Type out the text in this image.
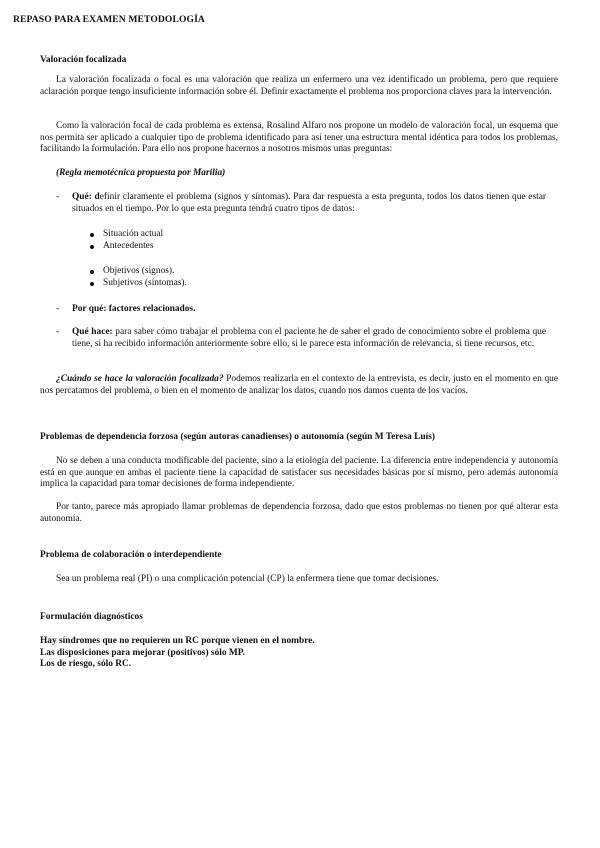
REPASO PARA EXAMEN METODOLOGÍA
Valoración focalizada

La valoración focalizada o focal es una valoración que realiza un enfermero una vez identificado un problema, pero que requiere aclaración porque tengo insuficiente información sobre él. Definir exactamente el problema nos proporciona claves para la intervención.

Como la valoración focal de cada problema es extensa, Rosalind Alfaro nos propone un modelo de valoración focal, un esquema que nos permita ser aplicado a cualquier tipo de problema identificado para así tener una estructura mental idéntica para todos los problemas, facilitando la formulación. Para ello nos propone hacernos a nosotros mismos unas preguntas:

(Regla memotécnica propuesta por Marilia)

- Qué: definir claramente el problema (signos y síntomas). Para dar respuesta a esta pregunta, todos los datos tienen que estar situados en el tiempo. Por lo que esta pregunta tendrá cuatro tipos de datos:

Situación actual
Antecedentes
Objetivos (signos).
Subjetivos (síntomas).

- Por qué: factores relacionados.

- Qué hace: para saber cómo trabajar el problema con el paciente he de saber el grado de conocimiento sobre el problema que tiene, si ha recibido información anteriormente sobre ello, si le parece esta información de relevancia, si tiene recursos, etc.

¿Cuándo se hace la valoración focalizada? Podemos realizarla en el contexto de la entrevista, es decir, justo en el momento en que nos percatamos del problema, o bien en el momento de analizar los datos, cuando nos damos cuenta de los vacíos.

Problemas de dependencia forzosa (según autoras canadienses) o autonomía (según M Teresa Luís)

No se deben a una conducta modificable del paciente, sino a la etiología del paciente. La diferencia entre independencia y autonomía está en que aunque en ambas el paciente tiene la capacidad de satisfacer sus necesidades básicas por sí mismo, pero además autonomía implica la capacidad para tomar decisiones de forma independiente.

Por tanto, parece más apropiado llamar problemas de dependencia forzosa, dado que estos problemas no tienen por qué alterar esta autonomía.

Problema de colaboración o interdependiente

Sea un problema real (PI) o una complicación potencial (CP) la enfermera tiene que tomar decisiones.

Formulación diagnósticos
Hay síndromes que no requieren un RC porque vienen en el nombre.
Las disposiciones para mejorar (positivos) sólo MP.
Los de riesgo, sólo RC.
